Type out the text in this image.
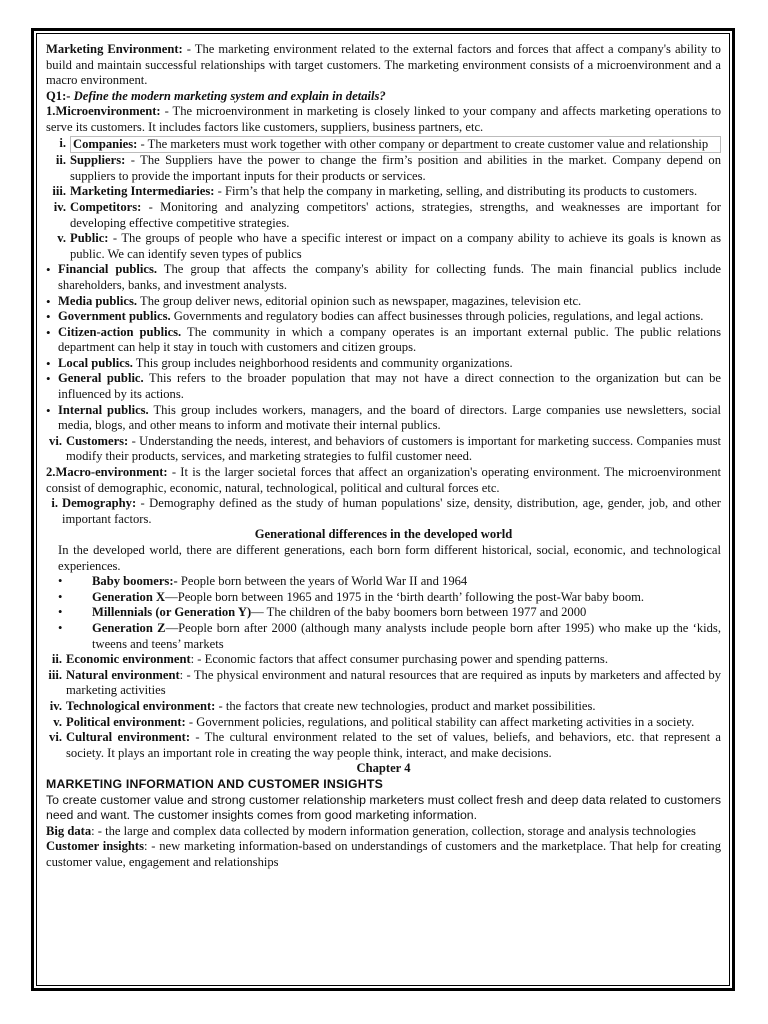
Marketing Environment: - The marketing environment related to the external factors and forces that affect a company's ability to build and maintain successful relationships with target customers. The marketing environment consists of a microenvironment and a macro environment.

Q1:- Define the modern marketing system and explain in details?

1.Microenvironment: - The microenvironment in marketing is closely linked to your company and affects marketing operations to serve its customers. It includes factors like customers, suppliers, business partners, etc.

i. Companies: - The marketers must work together with other company or department to create customer value and relationship
ii. Suppliers: - The Suppliers have the power to change the firm’s position and abilities in the market. Company depend on suppliers to provide the important inputs for their products or services.
iii. Marketing Intermediaries: - Firm’s that help the company in marketing, selling, and distributing its products to customers.
iv. Competitors: - Monitoring and analyzing competitors' actions, strategies, strengths, and weaknesses are important for developing effective competitive strategies.
v. Public: - The groups of people who have a specific interest or impact on a company ability to achieve its goals is known as public. We can identify seven types of publics
• Financial publics. The group that affects the company's ability for collecting funds. The main financial publics include shareholders, banks, and investment analysts.
• Media publics. The group deliver news, editorial opinion such as newspaper, magazines, television etc.
• Government publics. Governments and regulatory bodies can affect businesses through policies, regulations, and legal actions.
• Citizen-action publics. The community in which a company operates is an important external public. The public relations department can help it stay in touch with customers and citizen groups.
• Local publics. This group includes neighborhood residents and community organizations.
• General public. This refers to the broader population that may not have a direct connection to the organization but can be influenced by its actions.
• Internal publics. This group includes workers, managers, and the board of directors. Large companies use newsletters, social media, blogs, and other means to inform and motivate their internal publics.
vi. Customers: - Understanding the needs, interest, and behaviors of customers is important for marketing success. Companies must modify their products, services, and marketing strategies to fulfil customer need.

2.Macro-environment: - It is the larger societal forces that affect an organization's operating environment. The microenvironment consist of demographic, economic, natural, technological, political and cultural forces etc.

i. Demography: - Demography defined as the study of human populations' size, density, distribution, age, gender, job, and other important factors.

Generational differences in the developed world

In the developed world, there are different generations, each born form different historical, social, economic, and technological experiences.

•	Baby boomers:- People born between the years of World War II and 1964
•	Generation X—People born between 1965 and 1975 in the ‘birth dearth’ following the post-War baby boom.
•	Millennials (or Generation Y)— The children of the baby boomers born between 1977 and 2000
•	Generation Z—People born after 2000 (although many analysts include people born after 1995) who make up the ‘kids, tweens and teens’ markets
ii. Economic environment: - Economic factors that affect consumer purchasing power and spending patterns.
iii. Natural environment: - The physical environment and natural resources that are required as inputs by marketers and affected by marketing activities
iv. Technological environment: - the factors that create new technologies, product and market possibilities.
v. Political environment: - Government policies, regulations, and political stability can affect marketing activities in a society.
vi. Cultural environment: - The cultural environment related to the set of values, beliefs, and behaviors, etc. that represent a society. It plays an important role in creating the way people think, interact, and make decisions.

Chapter 4

MARKETING INFORMATION AND CUSTOMER INSIGHTS

To create customer value and strong customer relationship marketers must collect fresh and deep data related to customers need and want. The customer insights comes from good marketing information.

Big data: - the large and complex data collected by modern information generation, collection, storage and analysis technologies

Customer insights: - new marketing information-based on understandings of customers and the marketplace. That help for creating customer value, engagement and relationships
